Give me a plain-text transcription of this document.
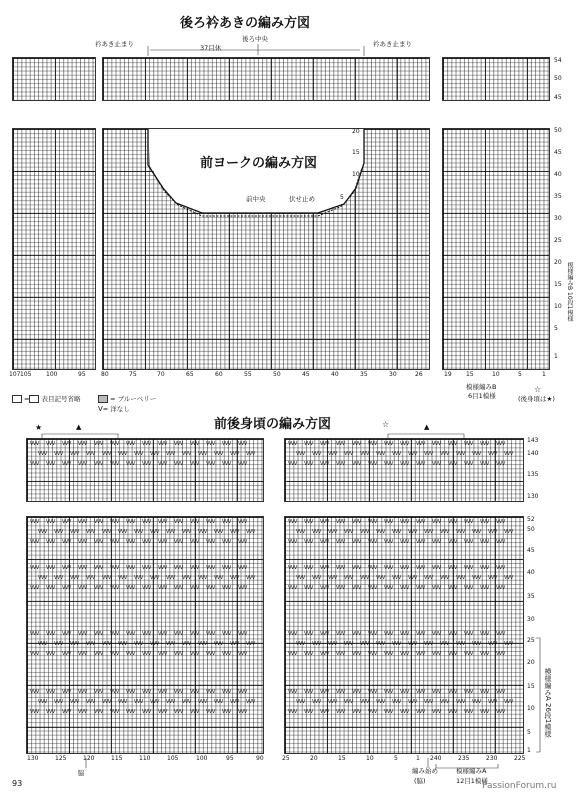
後ろ衿あきの編み方図
衿あき止まり
後ろ中央
37目休	衿あき止まり
54
50
45
前ヨークの編み方図
前中央	伏せ止め
20
15
10
5
50
45
40
35
30
25
20
15
10
5
1
107 105 100	95	80	75	70	65	60	55	50	45	40	35	30	26	19 15	10	5	1
模様編みB 10段1模様
模様編みB
6目1模様
☆
(後身頃は★)
= 表目記号省略	= ブルーベリー
V= 洋なし
前後身頃の編み方図
★	▲	☆	▲
VVV VVV VVV VVV VVV VVV VVV VVV VVV VVV VVV VVV VVV VVV
VVV VVV VVV VVV VVV VVV VVV VVV VVV VVV VVV VVV VVV VVV
VVV VVV VVV VVV VVV VVV VVV VVV VVV VVV VVV VVV VVV VVV
VVV VVV VVV VVV VVV VVV VVV VVV VVV VVV VVV VVV VVV VVV
VVV VVV VVV VVV VVV VVV VVV VVV VVV VVV VVV VVV VVV VVV
VVV VVV VVV VVV VVV VVV VVV VVV VVV VVV VVV VVV VVV VVV
VVV VVV VVV VVV VVV VVV VVV VVV VVV VVV VVV VVV VVV VVV
VVV VVV VVV VVV VVV VVV VVV VVV VVV VVV VVV VVV VVV VVV
VVV VVV VVV VVV VVV VVV VVV VVV VVV VVV VVV VVV VVV VVV
VVV VVV VVV VVV VVV VVV VVV VVV VVV VVV VVV VVV VVV VVV
VVV VVV VVV VVV VVV VVV VVV VVV VVV VVV VVV VVV VVV VVV
VVV VVV VVV VVV VVV VVV VVV VVV VVV VVV VVV VVV VVV VVV
VVV VVV VVV VVV VVV VVV VVV VVV VVV VVV VVV VVV VVV VVV
VVV VVV VVV VVV VVV VVV VVV VVV VVV VVV VVV VVV VVV VVV
VVV VVV VVV VVV VVV VVV VVV VVV VVV VVV VVV VVV VVV VVV
VVV VVV VVV VVV VVV VVV VVV VVV VVV VVV VVV VVV VVV VVV
VVV VVV VVV VVV VVV VVV VVV VVV VVV VVV VVV VVV VVV VVV
VVV VVV VVV VVV VVV VVV VVV VVV VVV VVV VVV VVV VVV VVV
VVV VVV VVV VVV VVV VVV VVV VVV VVV VVV VVV VVV VVV VVV
VVV VVV VVV VVV VVV VVV VVV VVV VVV VVV VVV VVV VVV VVV
VVV VVV VVV VVV VVV VVV VVV VVV VVV VVV VVV VVV VVV VVV
VVV VVV VVV VVV VVV VVV VVV VVV VVV VVV VVV VVV VVV VVV
VVV VVV VVV VVV VVV VVV VVV VVV VVV VVV VVV VVV VVV VVV
VVV VVV VVV VVV VVV VVV VVV VVV VVV VVV VVV VVV VVV VVV
VVV VVV VVV VVV VVV VVV VVV VVV VVV VVV VVV VVV VVV VVV
VVV VVV VVV VVV VVV VVV VVV VVV VVV VVV VVV VVV VVV VVV
VVV VVV VVV VVV VVV VVV VVV VVV VVV VVV VVV VVV VVV VVV
VVV VVV VVV VVV VVV VVV VVV VVV VVV VVV VVV VVV VVV VVV
VVV VVV VVV VVV VVV VVV VVV VVV VVV VVV VVV VVV VVV VVV
VVV VVV VVV VVV VVV VVV VVV VVV VVV VVV VVV VVV VVV VVV
143
140
135
130
52
50
45
40
35
30
25
20
15
10
5
1
130	125	120	115	110	105	100	95	90	25	20	15	10	5	1 240	235	230	225
模様編みA 26段1模様
脇	編み始め
(脇)
模様編みA
12目1模様
93	PassionForum.ru
